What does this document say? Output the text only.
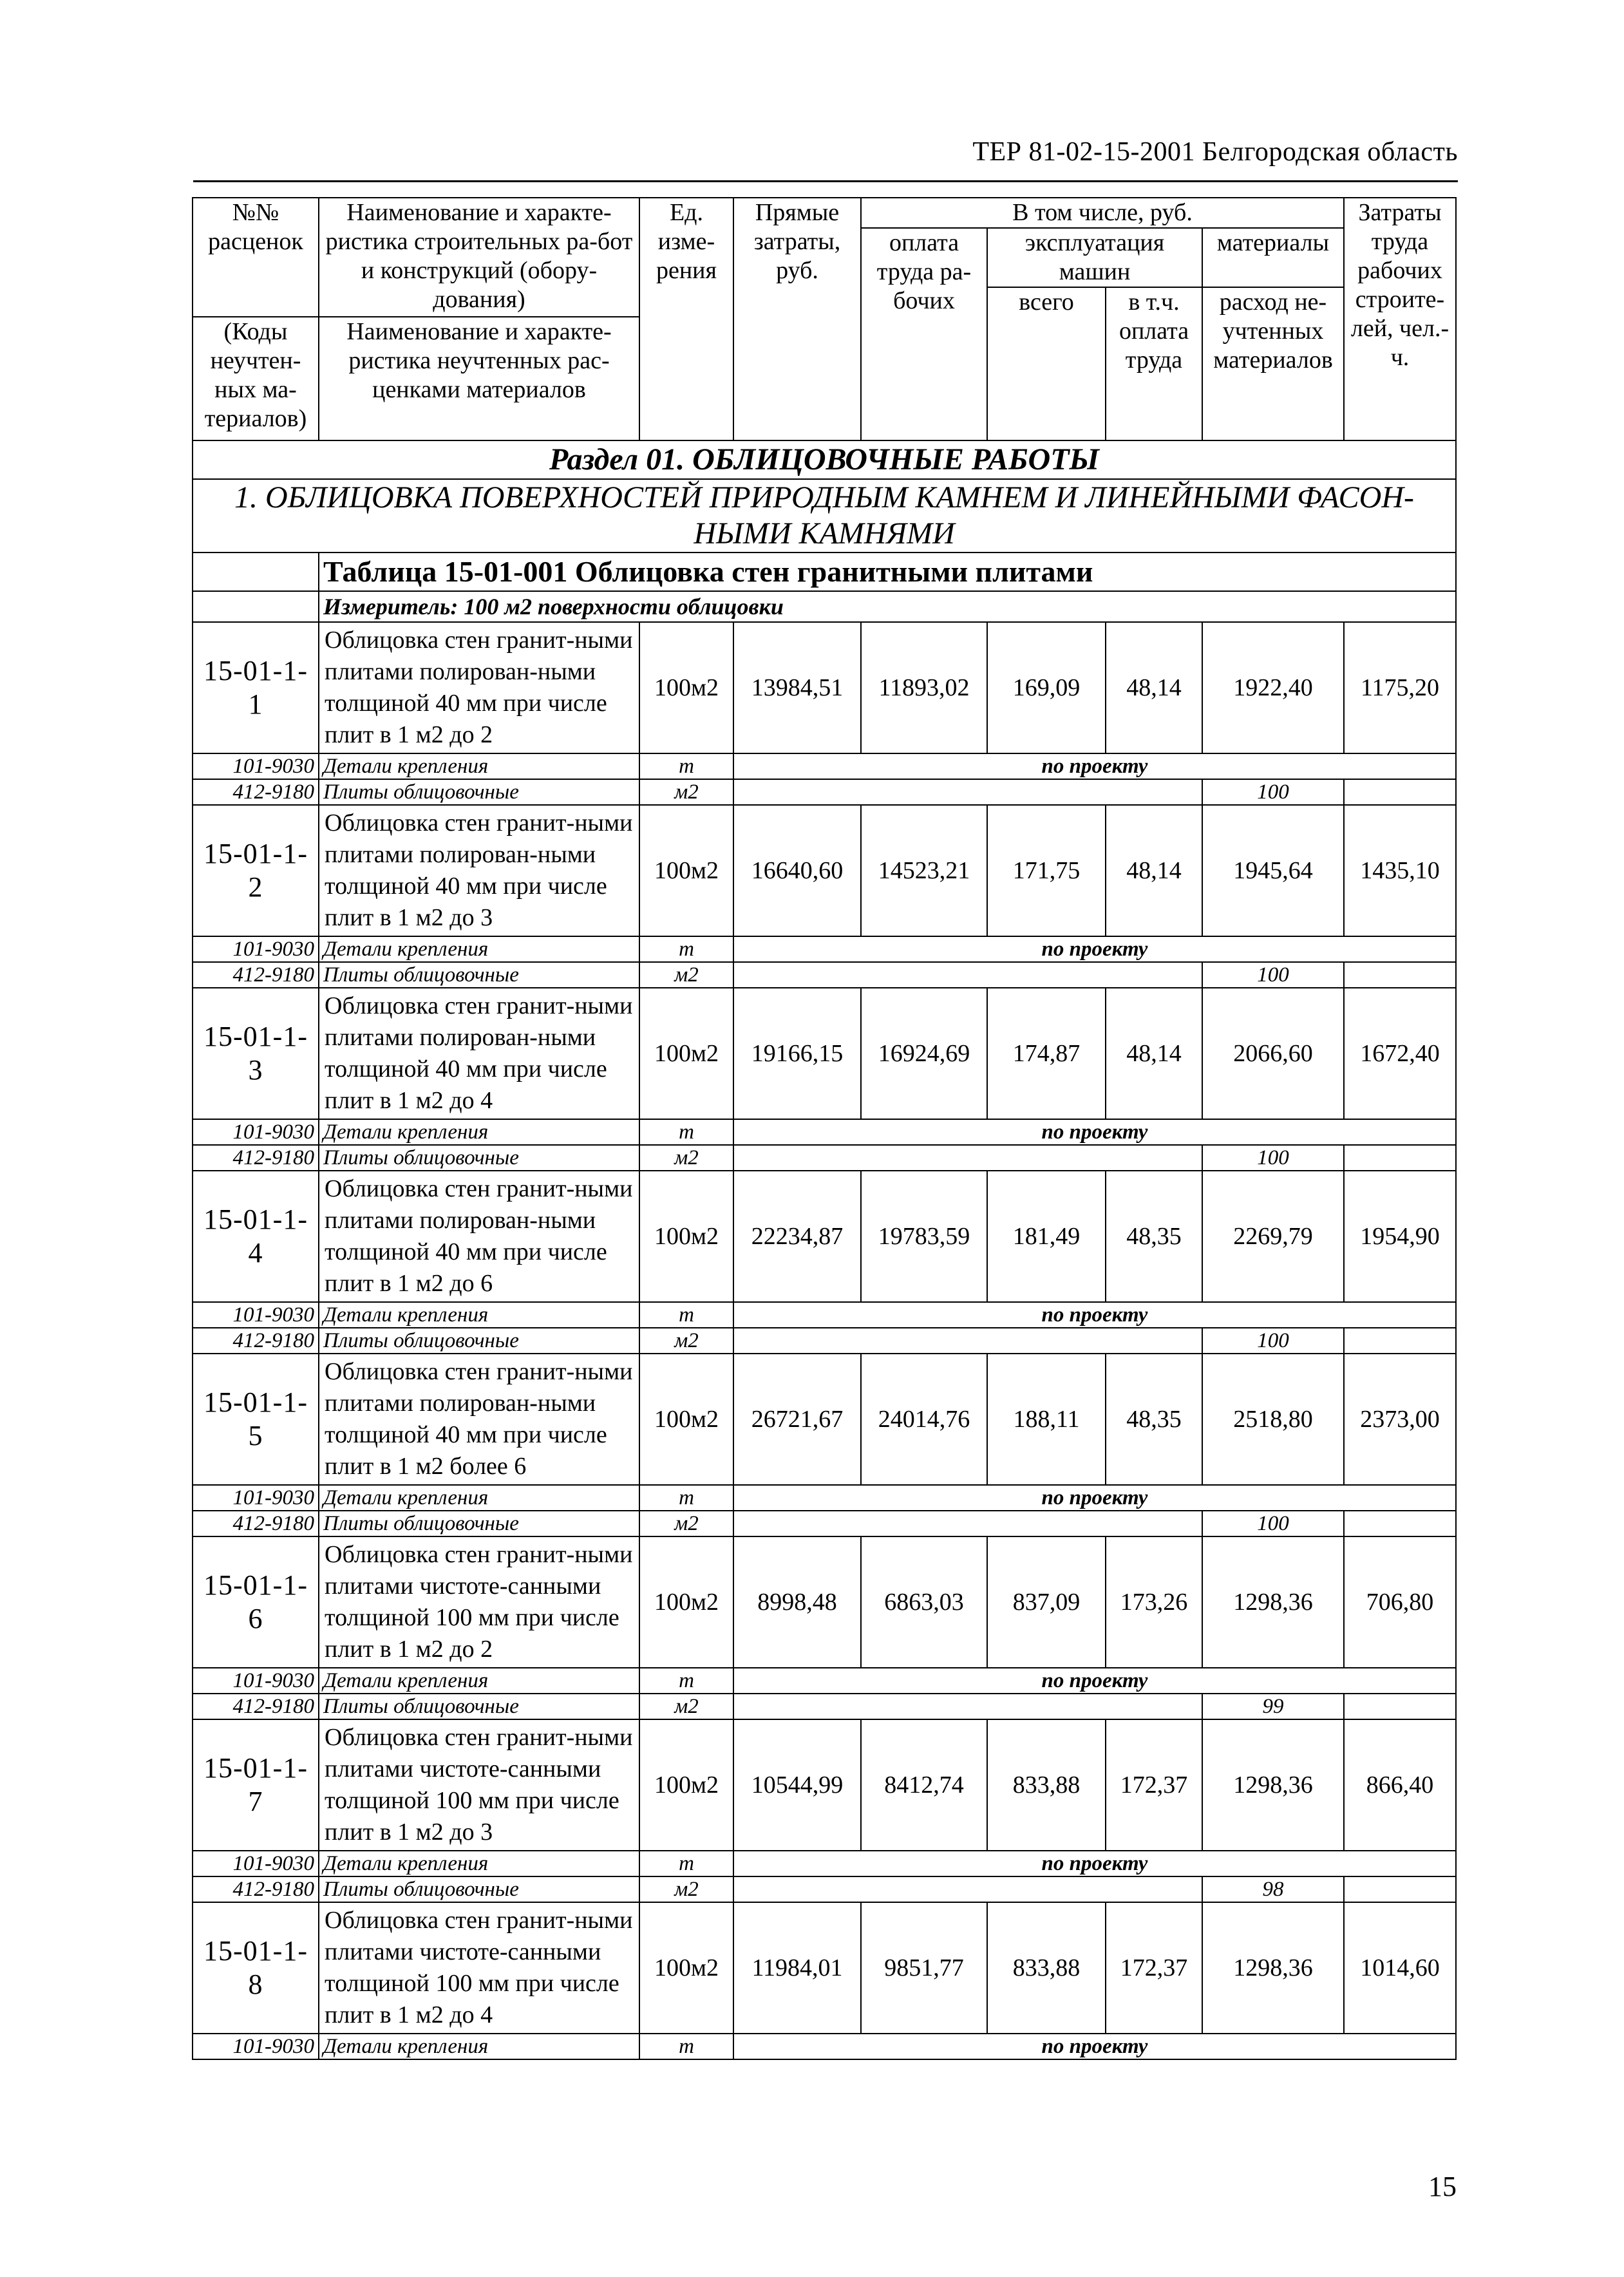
ТЕР 81-02-15-2001 Белгородская область
№№ расценок	Наименование и характе-ристика строительных ра-бот и конструкций (обору-дования)	Ед. изме-рения	Прямые затраты, руб.	В том числе, руб.				Затраты труда рабочих строите-лей, чел.-ч.
				оплата труда ра-бочих	эксплуатация машин		материалы	

					всего	в т.ч. оплата труда	расход не-учтенных материалов	
(Коды неучтен-ных ма-териалов)	Наименование и характе-ристика неучтенных рас-ценками материалов							

Раздел 01. ОБЛИЦОВОЧНЫЕ РАБОТЫ								
1. ОБЛИЦОВКА ПОВЕРХНОСТЕЙ ПРИРОДНЫМ КАМНЕМ И ЛИНЕЙНЫМИ ФАСОН-НЫМИ КАМНЯМИ								
	Таблица 15-01-001 Облицовка стен гранитными плитами							
	Измеритель: 100 м2 поверхности облицовки							
15-01-1-1	Облицовка стен гранит-ными плитами полирован-ными толщиной 40 мм при числе плит в 1 м2 до 2	100м2	13984,51	11893,02	169,09	48,14	1922,40	1175,20
101-9030	Детали крепления	т	по проекту					
412-9180	Плиты облицовочные	м2					100	
15-01-1-2	Облицовка стен гранит-ными плитами полирован-ными толщиной 40 мм при числе плит в 1 м2 до 3	100м2	16640,60	14523,21	171,75	48,14	1945,64	1435,10
101-9030	Детали крепления	т	по проекту					
412-9180	Плиты облицовочные	м2					100	
15-01-1-3	Облицовка стен гранит-ными плитами полирован-ными толщиной 40 мм при числе плит в 1 м2 до 4	100м2	19166,15	16924,69	174,87	48,14	2066,60	1672,40
101-9030	Детали крепления	т	по проекту					
412-9180	Плиты облицовочные	м2					100	
15-01-1-4	Облицовка стен гранит-ными плитами полирован-ными толщиной 40 мм при числе плит в 1 м2 до 6	100м2	22234,87	19783,59	181,49	48,35	2269,79	1954,90
101-9030	Детали крепления	т	по проекту					
412-9180	Плиты облицовочные	м2					100	
15-01-1-5	Облицовка стен гранит-ными плитами полирован-ными толщиной 40 мм при числе плит в 1 м2 более 6	100м2	26721,67	24014,76	188,11	48,35	2518,80	2373,00
101-9030	Детали крепления	т	по проекту					
412-9180	Плиты облицовочные	м2					100	
15-01-1-6	Облицовка стен гранит-ными плитами чистоте-санными толщиной 100 мм при числе плит в 1 м2 до 2	100м2	8998,48	6863,03	837,09	173,26	1298,36	706,80
101-9030	Детали крепления	т	по проекту					
412-9180	Плиты облицовочные	м2					99	
15-01-1-7	Облицовка стен гранит-ными плитами чистоте-санными толщиной 100 мм при числе плит в 1 м2 до 3	100м2	10544,99	8412,74	833,88	172,37	1298,36	866,40
101-9030	Детали крепления	т	по проекту					
412-9180	Плиты облицовочные	м2					98	
15-01-1-8	Облицовка стен гранит-ными плитами чистоте-санными толщиной 100 мм при числе плит в 1 м2 до 4	100м2	11984,01	9851,77	833,88	172,37	1298,36	1014,60
101-9030	Детали крепления	т	по проекту					
15
